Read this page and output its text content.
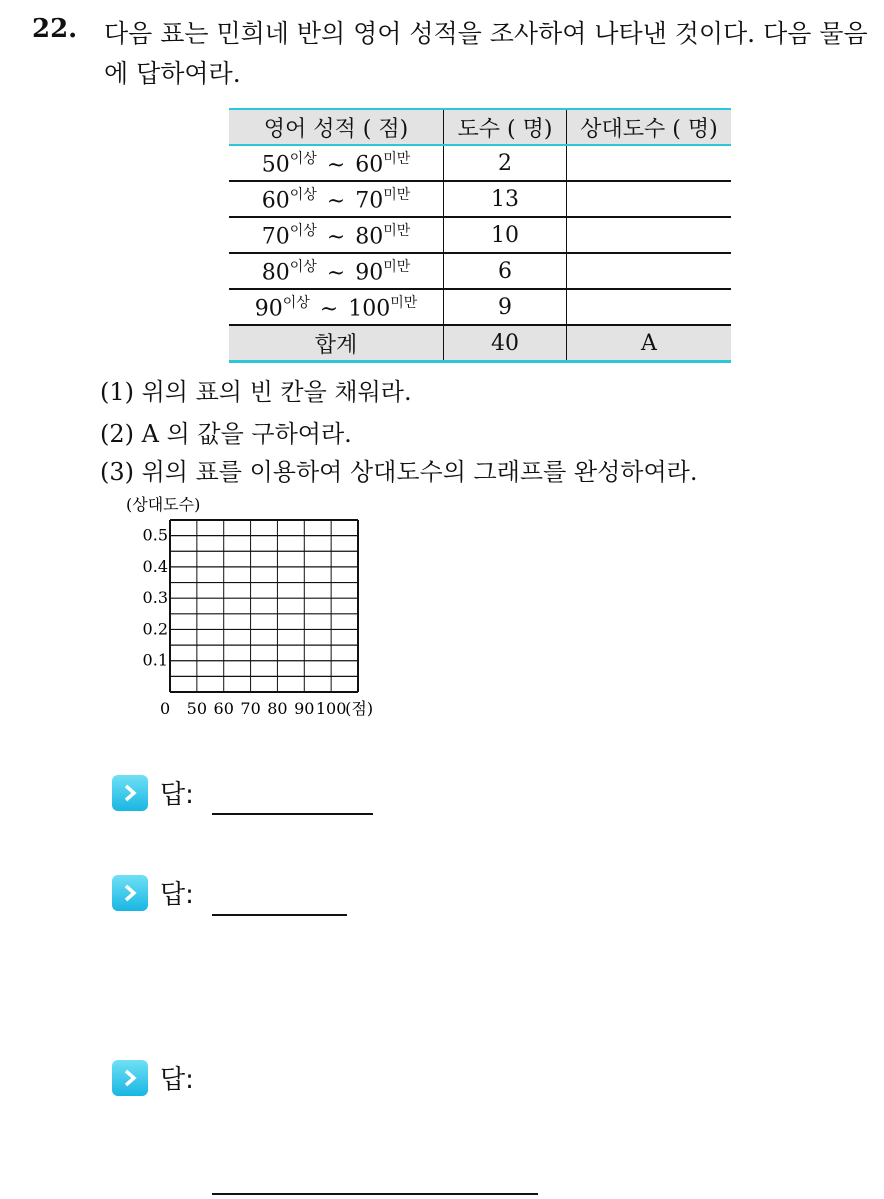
22. 다음 표는 민희네 반의 영어 성적을 조사하여 나타낸 것이다. 다음 물음에 답하여라.
영어 성적 ( 점)	도수 ( 명)	상대도수 ( 명)
$50^{이상}$ ~ $60^{미만}$	2	
$60^{이상}$ ~ $70^{미만}$	13	
$70^{이상}$ ~ $80^{미만}$	10	
$80^{이상}$ ~ $90^{미만}$	6	
$90^{이상}$ ~ $100^{미만}$	9	
합계	40	A
(1) 위의 표의 빈 칸을 채워라.
(2) A 의 값을 구하여라.
(3) 위의 표를 이용하여 상대도수의 그래프를 완성하여라.
(상대도수)
0.5
0.4
0.3
0.2
0.1
0 50 60 70 80 90 100
(점)
답:
답:
답:
